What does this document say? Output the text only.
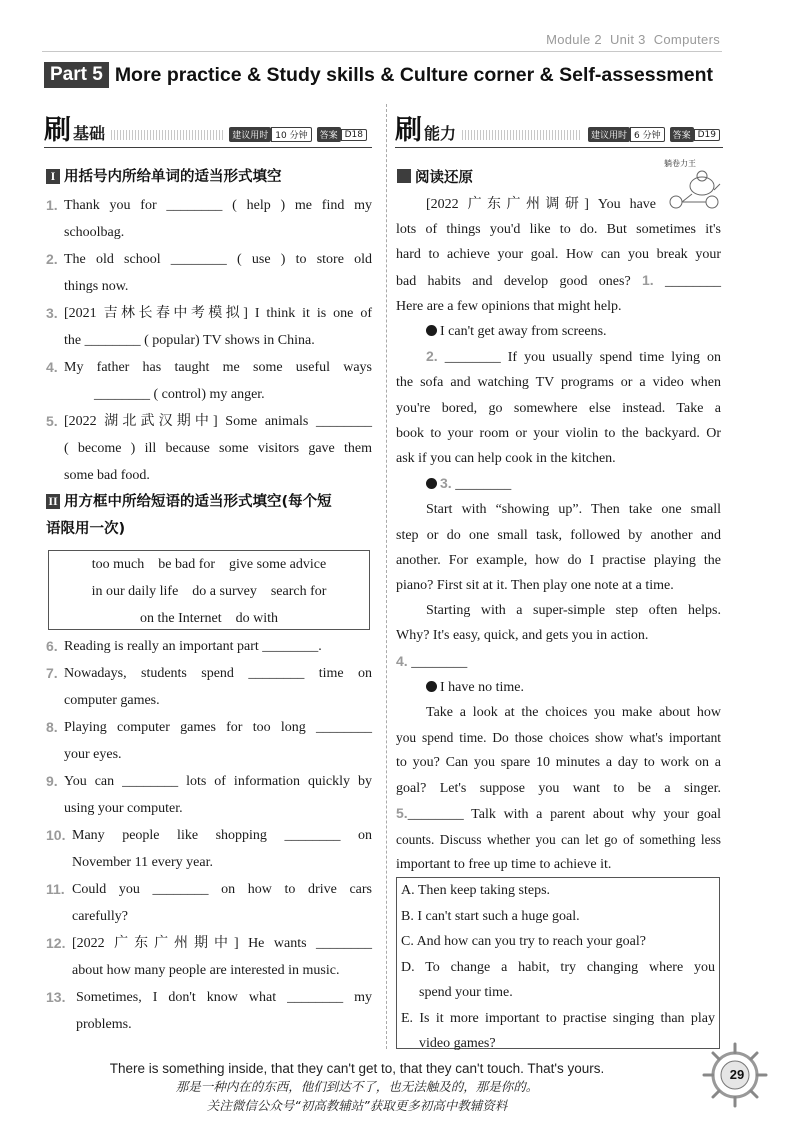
Module 2 Unit 3 Computers
Part 5 More practice & Study skills & Culture corner & Self-assessment
刷 基础	建议用时 10 分钟	答案 D18 刷 能力	建议用时 6 分钟	答案 D19
I 用括号内所给单词的适当形式填空
1. Thank you for ________ ( help ) me find my
schoolbag.
2. The old school ________ ( use ) to store old
things now.
3. [2021 吉林长春中考模拟] I think it is one of
the ________ ( popular) TV shows in China.
4. My father has taught me some useful ways
________ ( control) my anger.
5. [2022 湖北武汉期中] Some animals ________
( become ) ill because some visitors gave them
some bad food.
II 用方框中所给短语的适当形式填空(每个短
语限用一次)
too much    be bad for    give some advice
in our daily life    do a survey    search for
on the Internet    do with
6. Reading is really an important part ________.
7. Nowadays, students spend ________ time on
computer games.
8. Playing computer games for too long ________
your eyes.
9. You can ________ lots of information quickly by
using your computer.
10. Many people like shopping ________ on
November 11 every year.
11. Could you ________ on how to drive cars
carefully?
12. [2022 广东广州期中] He wants ________
about how many people are interested in music.
13. Sometimes, I don't know what ________ my
problems.
阅读还原
躺卷力王
[2022 广东广州调研] You have
lots of things you'd like to do. But sometimes it's
hard to achieve your goal. How can you break your
bad habits and develop good ones? 1. ________
Here are a few opinions that might help.
I can't get away from screens.
2. ________ If you usually spend time lying on
the sofa and watching TV programs or a video when
you're bored, go somewhere else instead. Take a
book to your room or your violin to the backyard. Or
ask if you can help cook in the kitchen.
3. ________
Start with “showing up”. Then take one small
step or do one small task, followed by another and
another. For example, how do I practise playing the
piano? First sit at it. Then play one note at a time.
Starting with a super-simple step often helps.
Why? It's easy, quick, and gets you in action.
4. ________
I have no time.
Take a look at the choices you make about how
you spend time. Do those choices show what's important
to you? Can you spare 10 minutes a day to work on a
goal? Let's suppose you want to be a singer.
5.________ Talk with a parent about why your goal
counts. Discuss whether you can let go of something less
important to free up time to achieve it.
A. Then keep taking steps.
B. I can't start such a huge goal.
C. And how can you try to reach your goal?
D. To change a habit, try changing where you
spend your time.
E. Is it more important to practise singing than play
video games?
There is something inside, that they can't get to, that they can't touch. That's yours.
那是一种内在的东西，他们到达不了，也无法触及的，那是你的。
关注微信公众号“初高教辅站”获取更多初高中教辅资料
29
